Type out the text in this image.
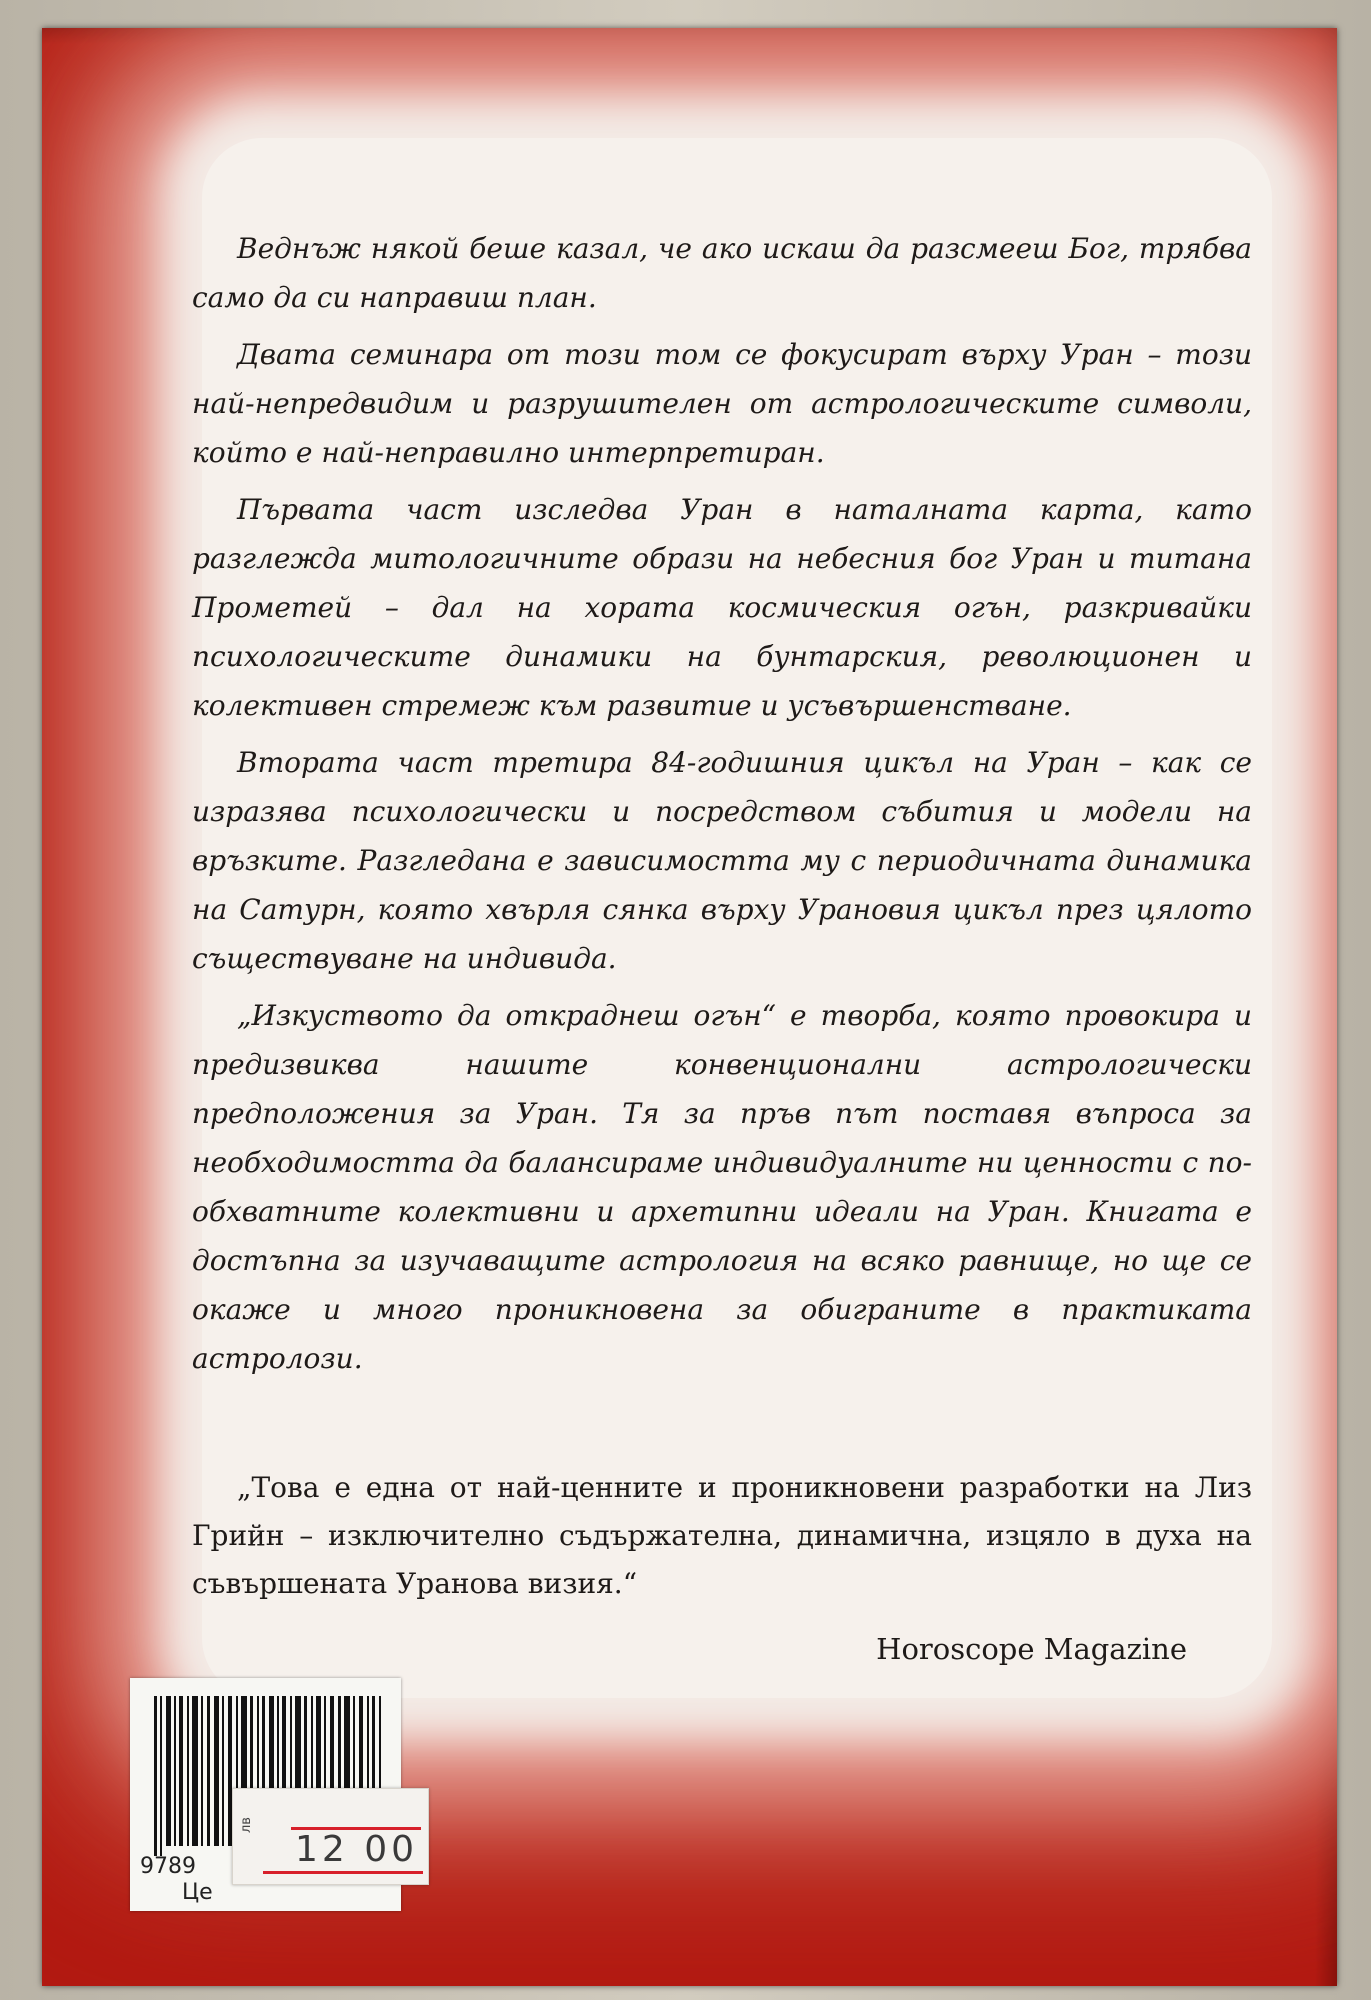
Веднъж някой беше казал, че ако искаш да разсмееш Бог, трябва само да си направиш план.

Двата семинара от този том се фокусират върху Уран – този най-непредвидим и разрушителен от астрологическите символи, който е най-неправилно интерпретиран.

Първата част изследва Уран в наталната карта, като разглежда митологичните образи на небесния бог Уран и титана Прометей – дал на хората космическия огън, разкривайки психологическите динамики на бунтарския, революционен и колективен стремеж към развитие и усъвършенстване.

Втората част третира 84-годишния цикъл на Уран – как се изразява психологически и посредством събития и модели на връзките. Разгледана е зависимостта му с периодичната динамика на Сатурн, която хвърля сянка върху Урановия цикъл през цялото съществуване на индивида.

„Изкуството да откраднеш огън“ е творба, която провокира и предизвиква нашите конвенционални астрологически предположения за Уран. Тя за пръв път поставя въпроса за необходимостта да балансираме индивидуалните ни ценности с по-обхватните колективни и архетипни идеали на Уран. Книгата е достъпна за изучаващите астрология на всяко равнище, но ще се окаже и много проникновена за обиграните в практиката астролози.

„Това е една от най-ценните и проникновени разработки на Лиз Грийн – изключително съдържателна, динамична, изцяло в духа на съвършената Уранова визия.“
Horoscope Magazine
9789
Це
лв
12 00
